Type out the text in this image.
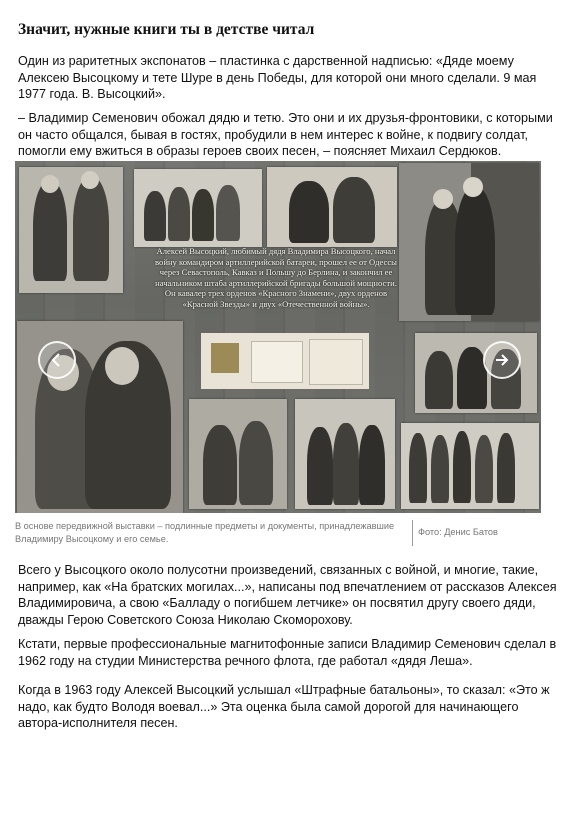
Значит, нужные книги ты в детстве читал

Один из раритетных экспонатов – пластинка с дарственной надписью: «Дяде моему Алексею Высоцкому и тете Шуре в день Победы, для которой они много сделали. 9 мая 1977 года. В. Высоцкий».

– Владимир Семенович обожал дядю и тетю. Это они и их друзья-фронтовики, с которыми он часто общался, бывая в гостях, пробудили в нем интерес к войне, к подвигу солдат, помогли ему вжиться в образы героев своих песен, – поясняет Михаил Сердюков.

Алексей Высоцкий, любимый дядя Владимира Высоцкого, начал войну командиром артиллерийской батареи, прошел ее от Одессы через Севастополь, Кавказ и Польшу до Берлина, и закончил ее начальником штаба артиллерийской бригады большой мощности. Он кавалер трех орденов «Красного Знамени», двух орденов «Красной Звезды» и двух «Отечественной войны».

В основе передвижной выставки – подлинные предметы и документы, принадлежавшие Владимиру Высоцкому и его семье.

Фото: Денис Батов

Всего у Высоцкого около полусотни произведений, связанных с войной, и многие, такие, например, как «На братских могилах...», написаны под впечатлением от рассказов Алексея Владимировича, а свою «Балладу о погибшем летчике» он посвятил другу своего дяди, дважды Герою Советского Союза Николаю Скоморохову.

Кстати, первые профессиональные магнитофонные записи Владимир Семенович сделал в 1962 году на студии Министерства речного флота, где работал «дядя Леша».

Когда в 1963 году Алексей Высоцкий услышал «Штрафные батальоны», то сказал: «Это ж надо, как будто Володя воевал...» Эта оценка была самой дорогой для начинающего автора-исполнителя песен.
